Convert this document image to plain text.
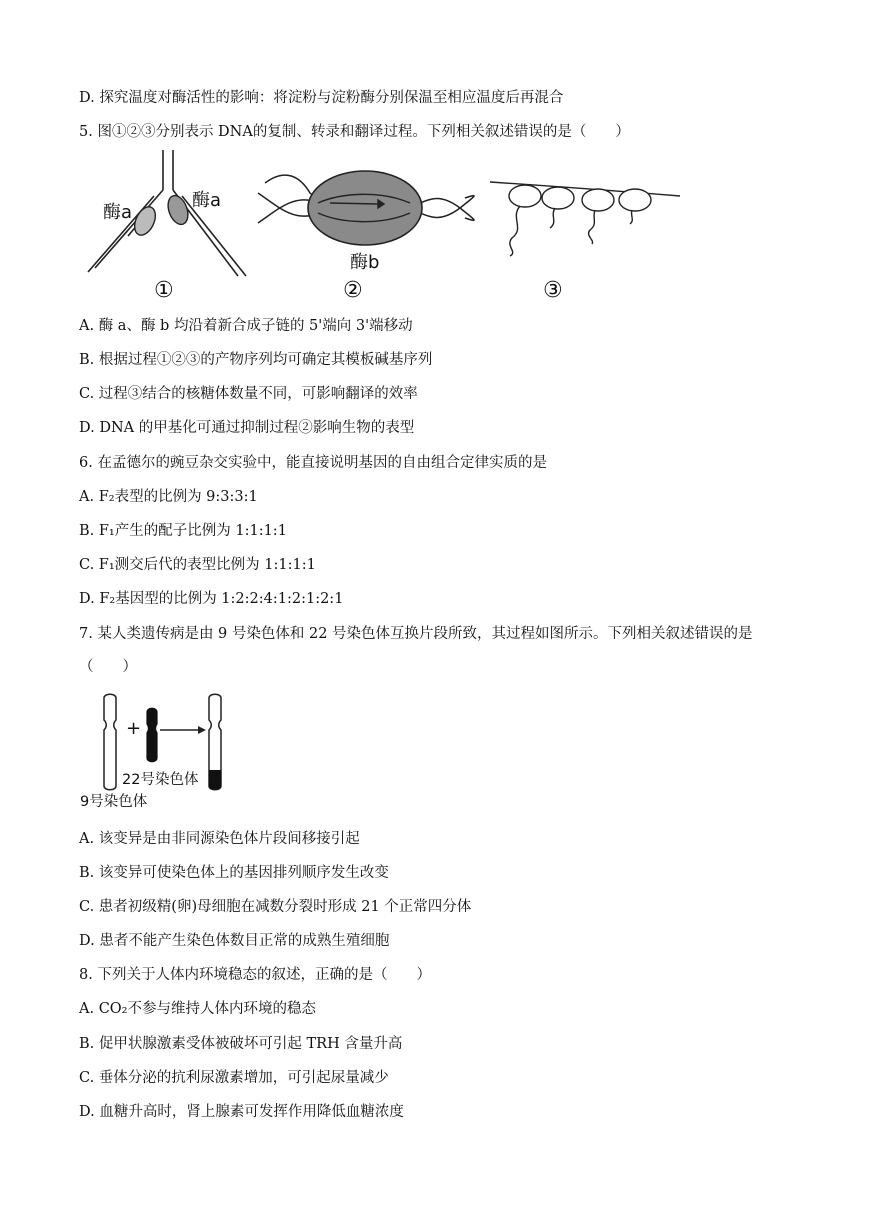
D. 探究温度对酶活性的影响：将淀粉与淀粉酶分别保温至相应温度后再混合
5. 图①②③分别表示 DNA的复制、转录和翻译过程。下列相关叙述错误的是（　　）
酶a
酶a
酶b
①	②	③
A. 酶 a、酶 b 均沿着新合成子链的 5'端向 3'端移动
B. 根据过程①②③的产物序列均可确定其模板碱基序列
C. 过程③结合的核糖体数量不同，可影响翻译的效率
D. DNA 的甲基化可通过抑制过程②影响生物的表型
6. 在孟德尔的豌豆杂交实验中，能直接说明基因的自由组合定律实质的是
A. F₂表型的比例为 9:3:3:1
B. F₁产生的配子比例为 1:1:1:1
C. F₁测交后代的表型比例为 1:1:1:1
D. F₂基因型的比例为 1:2:2:4:1:2:1:2:1
7. 某人类遗传病是由 9 号染色体和 22 号染色体互换片段所致，其过程如图所示。下列相关叙述错误的是
（　　）
+
22号染色体
9号染色体
A. 该变异是由非同源染色体片段间移接引起
B. 该变异可使染色体上的基因排列顺序发生改变
C. 患者初级精(卵)母细胞在减数分裂时形成 21 个正常四分体
D. 患者不能产生染色体数目正常的成熟生殖细胞
8. 下列关于人体内环境稳态的叙述，正确的是（　　）
A. CO₂不参与维持人体内环境的稳态
B. 促甲状腺激素受体被破坏可引起 TRH 含量升高
C. 垂体分泌的抗利尿激素增加，可引起尿量减少
D. 血糖升高时，肾上腺素可发挥作用降低血糖浓度
